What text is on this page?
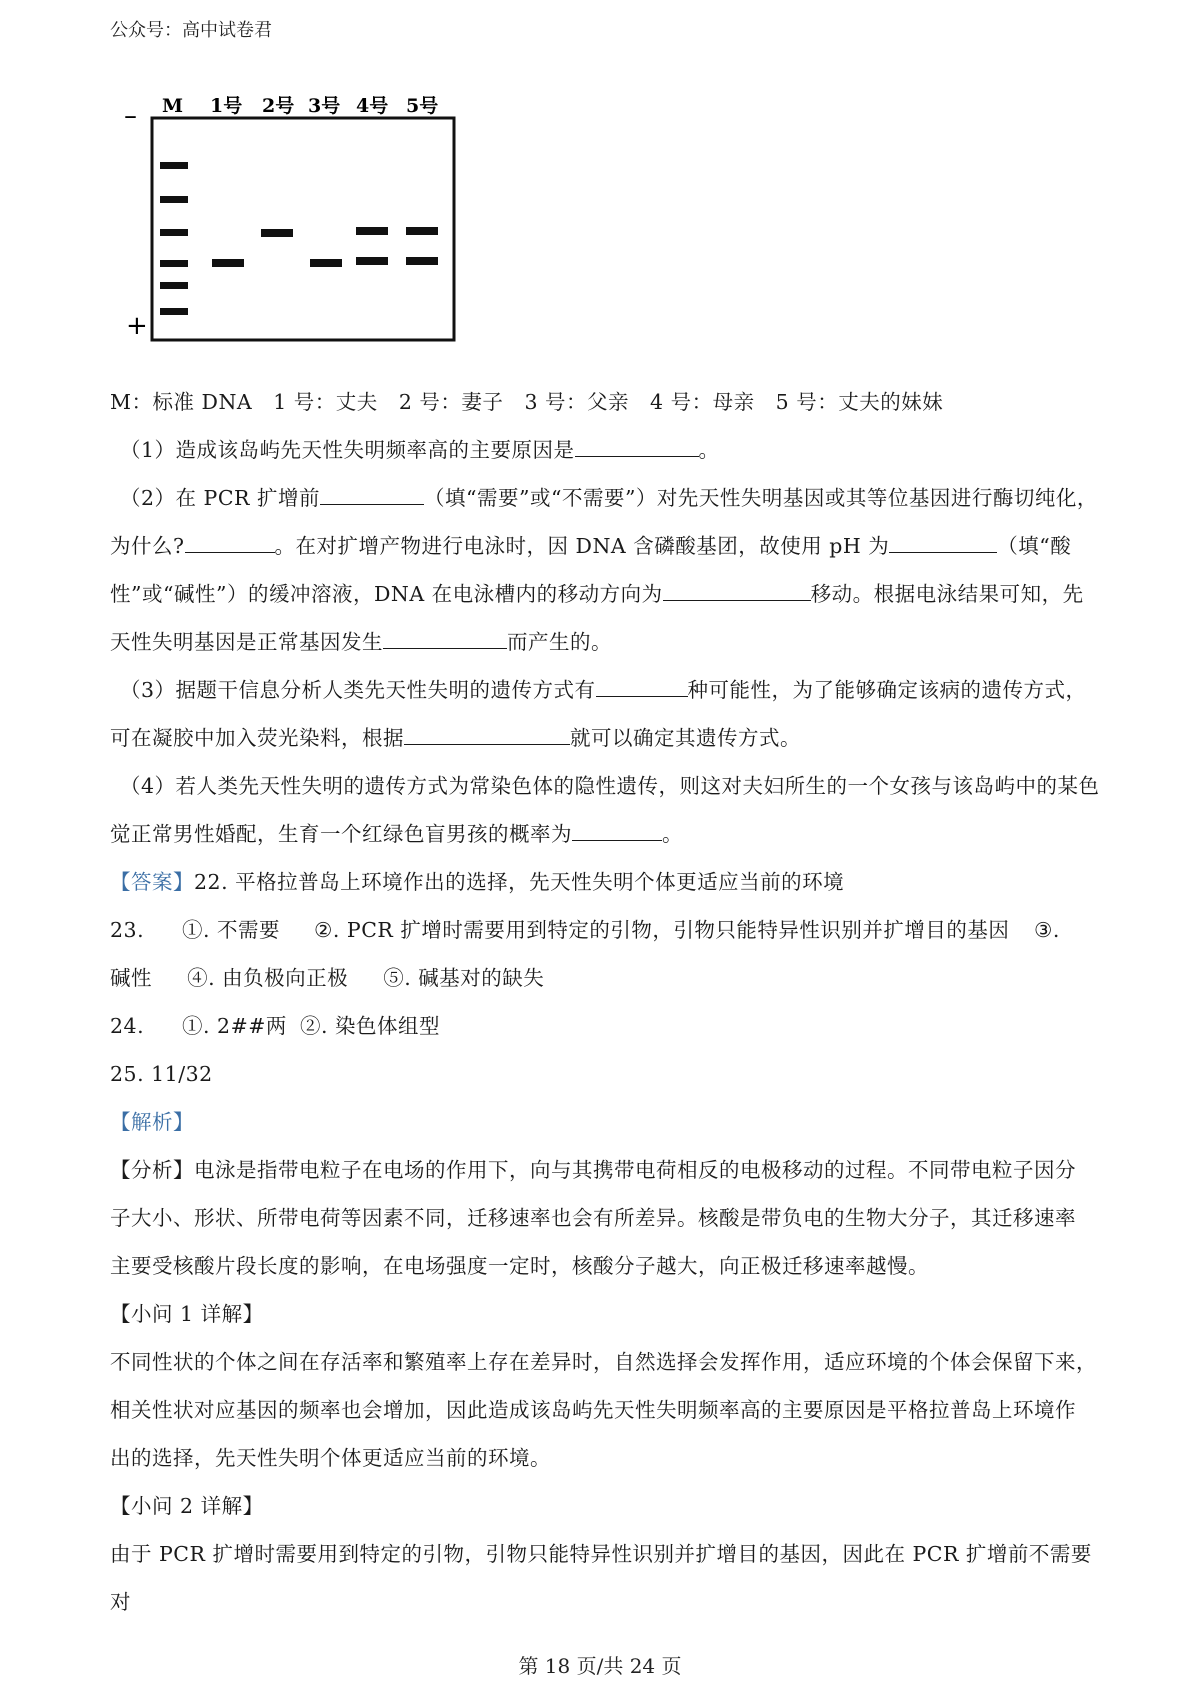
公众号：高中试卷君
–
+
M 1号 2号 3号 4号 5号

M：标准 DNA   1 号：丈夫   2 号：妻子   3 号：父亲   4 号：母亲   5 号：丈夫的妹妹

（1）造成该岛屿先天性失明频率高的主要原因是	。

（2）在 PCR 扩增前	（填“需要”或“不需要”）对先天性失明基因或其等位基因进行酶切纯化，

为什么?	。在对扩增产物进行电泳时，因 DNA 含磷酸基团，故使用 pH 为	（填“酸

性”或“碱性”）的缓冲溶液，DNA 在电泳槽内的移动方向为	移动。根据电泳结果可知，先

天性失明基因是正常基因发生	而产生的。

（3）据题干信息分析人类先天性失明的遗传方式有	种可能性，为了能够确定该病的遗传方式，

可在凝胶中加入荧光染料，根据	就可以确定其遗传方式。

（4）若人类先天性失明的遗传方式为常染色体的隐性遗传，则这对夫妇所生的一个女孩与该岛屿中的某色

觉正常男性婚配，生育一个红绿色盲男孩的概率为	。

【答案】22. 平格拉普岛上环境作出的选择，先天性失明个体更适应当前的环境

23.	①. 不需要	②. PCR 扩增时需要用到特定的引物，引物只能特异性识别并扩增目的基因	③.

碱性     ④. 由负极向正极     ⑤. 碱基对的缺失

24.	①. 2##两 ②. 染色体组型

25. 11/32

【解析】

【分析】电泳是指带电粒子在电场的作用下，向与其携带电荷相反的电极移动的过程。不同带电粒子因分

子大小、形状、所带电荷等因素不同，迁移速率也会有所差异。核酸是带负电的生物大分子，其迁移速率

主要受核酸片段长度的影响，在电场强度一定时，核酸分子越大，向正极迁移速率越慢。

【小问 1 详解】

不同性状的个体之间在存活率和繁殖率上存在差异时，自然选择会发挥作用，适应环境的个体会保留下来，

相关性状对应基因的频率也会增加，因此造成该岛屿先天性失明频率高的主要原因是平格拉普岛上环境作

出的选择，先天性失明个体更适应当前的环境。

【小问 2 详解】

由于 PCR 扩增时需要用到特定的引物，引物只能特异性识别并扩增目的基因，因此在 PCR 扩增前不需要对

第 18 页/共 24 页
